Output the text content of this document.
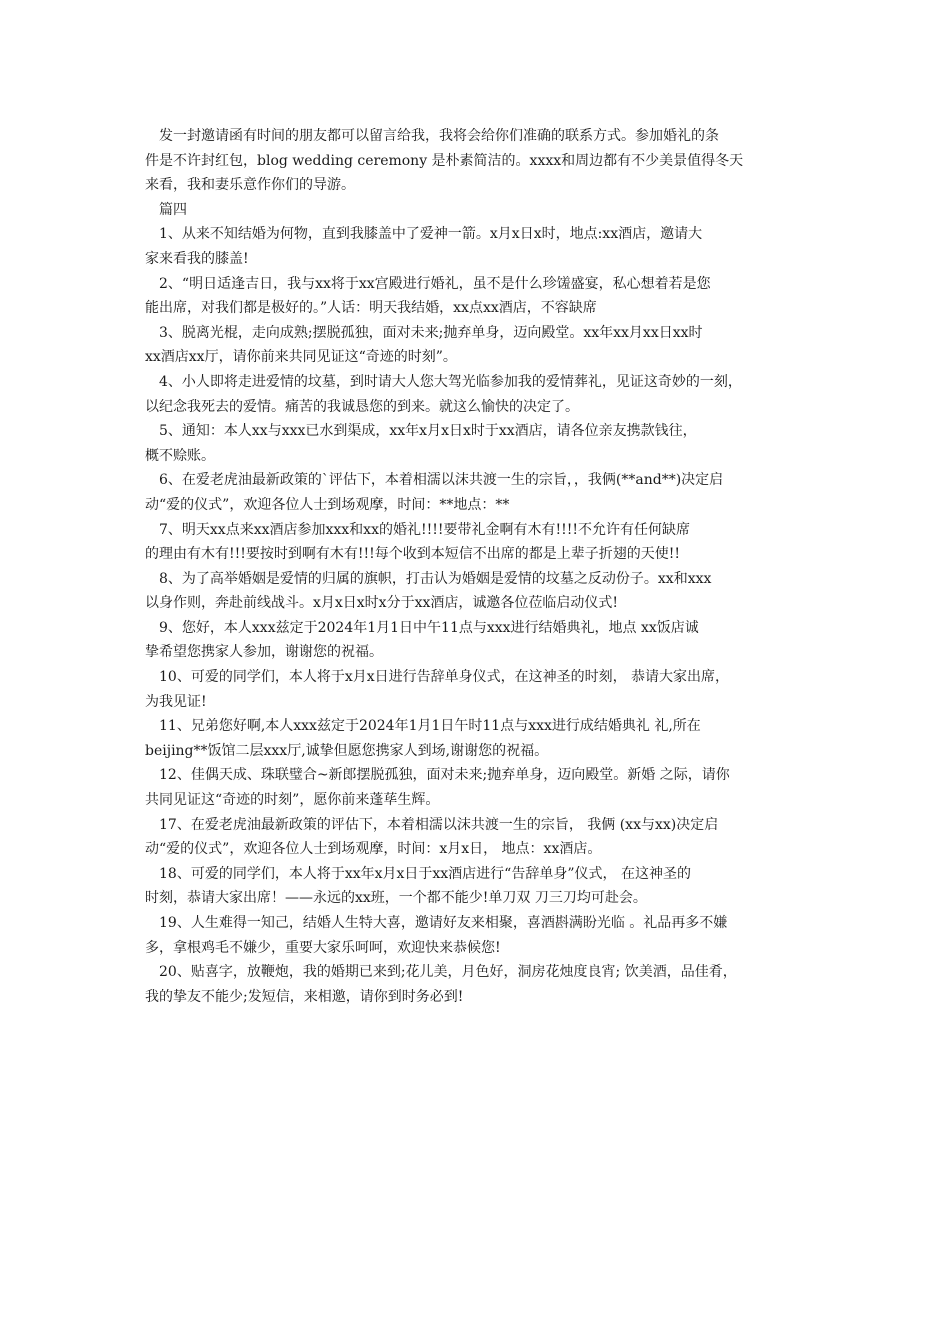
发一封邀请函有时间的朋友都可以留言给我，我将会给你们准确的联系方式。参加婚礼的条
件是不许封红包，blog wedding ceremony 是朴素简洁的。xxxx和周边都有不少美景值得冬天
来看，我和妻乐意作你们的导游。
篇四
1、从来不知结婚为何物，直到我膝盖中了爱神一箭。x月x日x时，地点:xx酒店，邀请大
家来看我的膝盖!
2、“明日适逢吉日，我与xx将于xx宫殿进行婚礼，虽不是什么珍馐盛宴，私心想着若是您
能出席，对我们都是极好的。”人话：明天我结婚，xx点xx酒店，不容缺席
3、脱离光棍，走向成熟;摆脱孤独，面对未来;抛弃单身，迈向殿堂。xx年xx月xx日xx时
xx酒店xx厅，请你前来共同见证这“奇迹的时刻”。
4、小人即将走进爱情的坟墓，到时请大人您大驾光临参加我的爱情葬礼，见证这奇妙的一刻，
以纪念我死去的爱情。痛苦的我诚恳您的到来。就这么愉快的决定了。
5、通知：本人xx与xxx已水到渠成，xx年x月x日x时于xx酒店，请各位亲友携款钱往，
概不赊账。
6、在爱老虎油最新政策的`评估下，本着相濡以沫共渡一生的宗旨，，我俩(**and**)决定启
动“爱的仪式”，欢迎各位人士到场观摩，时间：**地点：**
7、明天xx点来xx酒店参加xxx和xx的婚礼!!!!要带礼金啊有木有!!!!不允许有任何缺席
的理由有木有!!!要按时到啊有木有!!!每个收到本短信不出席的都是上辈子折翅的天使!!
8、为了高举婚姻是爱情的归属的旗帜，打击认为婚姻是爱情的坟墓之反动份子。xx和xxx
以身作则，奔赴前线战斗。x月x日x时x分于xx酒店，诚邀各位莅临启动仪式!
9、您好，本人xxx兹定于2024年1月1日中午11点与xxx进行结婚典礼，地点 xx饭店诚
挚希望您携家人参加，谢谢您的祝福。
10、可爱的同学们，本人将于x月x日进行告辞单身仪式，在这神圣的时刻， 恭请大家出席，
为我见证!
11、兄弟您好啊,本人xxx兹定于2024年1月1日午时11点与xxx进行成结婚典礼 礼,所在
beijing**饭馆二层xxx厅,诚挚但愿您携家人到场,谢谢您的祝福。
12、佳偶天成、珠联璧合~新郎摆脱孤独，面对未来;抛弃单身，迈向殿堂。新婚 之际，请你
共同见证这“奇迹的时刻”，愿你前来蓬荜生辉。
17、在爱老虎油最新政策的评估下，本着相濡以沫共渡一生的宗旨， 我俩 (xx与xx)决定启
动“爱的仪式”，欢迎各位人士到场观摩，时间：x月x日， 地点：xx酒店。
18、可爱的同学们，本人将于xx年x月x日于xx酒店进行“告辞单身”仪式， 在这神圣的
时刻，恭请大家出席！——永远的xx班，一个都不能少!单刀双 刀三刀均可赴会。
19、人生难得一知己，结婚人生特大喜，邀请好友来相聚，喜酒斟满盼光临 。礼品再多不嫌
多，拿根鸡毛不嫌少，重要大家乐呵呵，欢迎快来恭候您!
20、贴喜字，放鞭炮，我的婚期已来到;花儿美，月色好，洞房花烛度良宵; 饮美酒，品佳肴，
我的挚友不能少;发短信，来相邀，请你到时务必到!
